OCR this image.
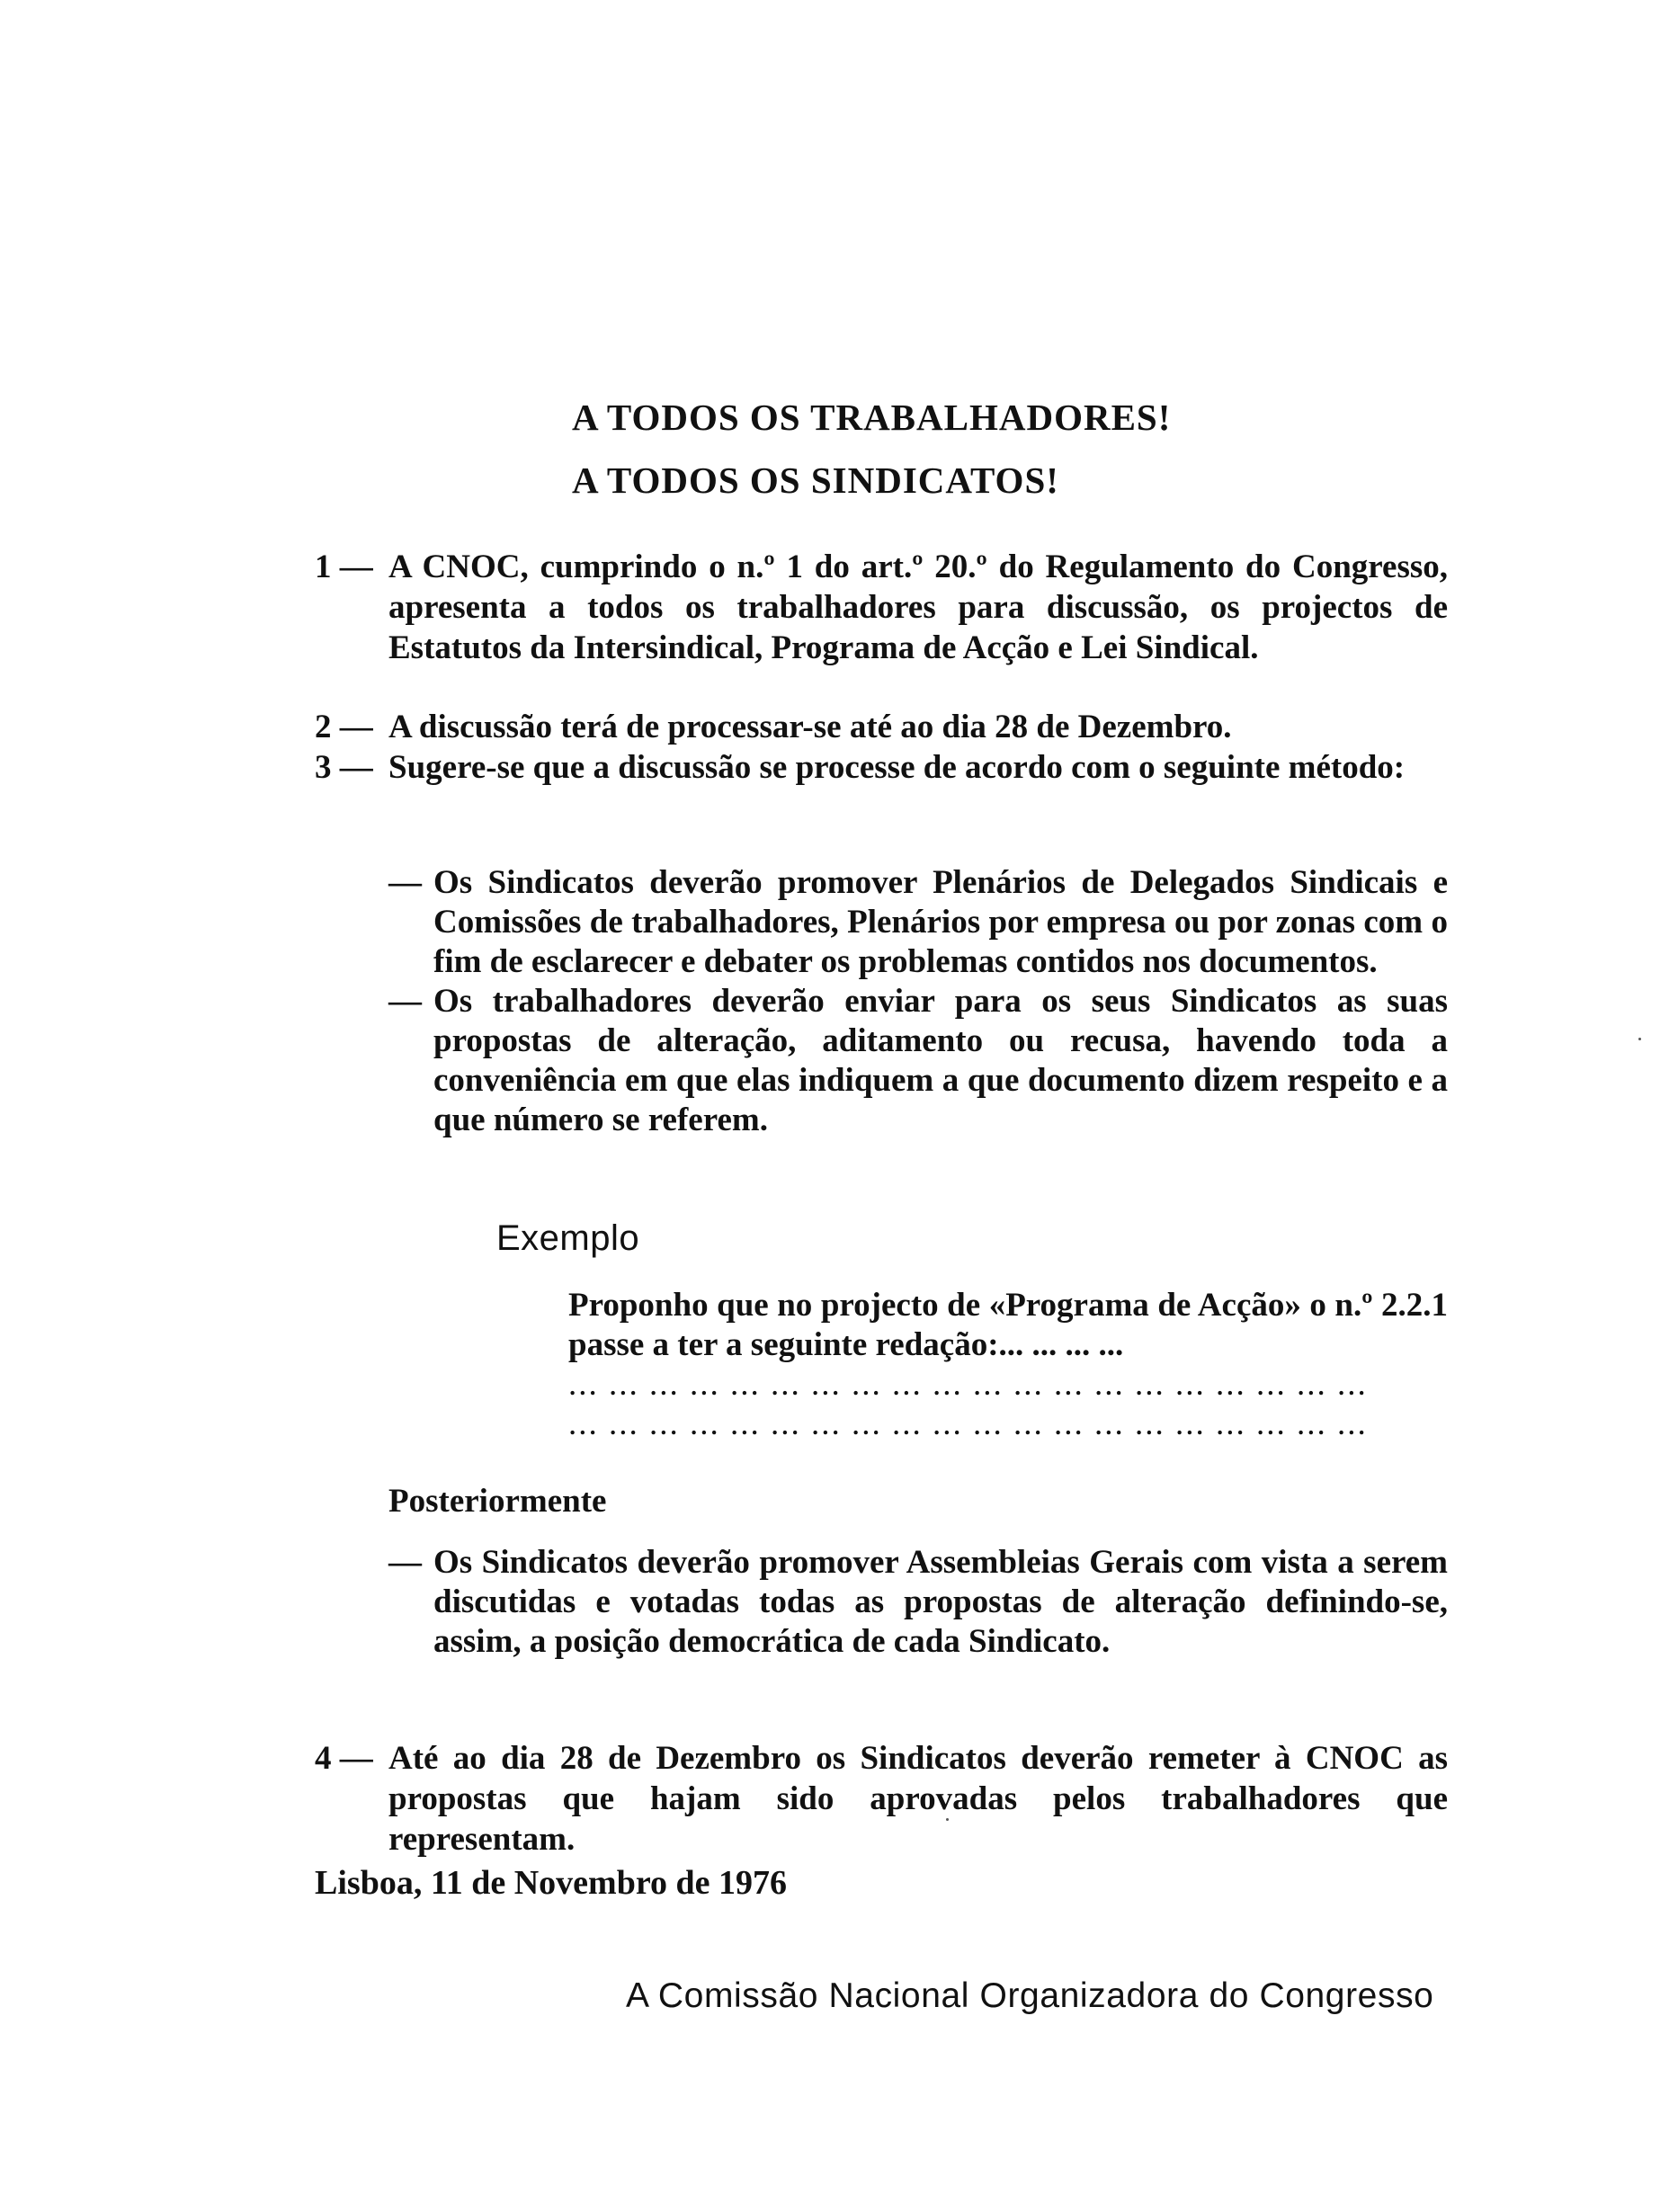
A TODOS OS TRABALHADORES!
A TODOS OS SINDICATOS!
1 — A CNOC, cumprindo o n.º 1 do art.º 20.º do Regulamento do Congresso, apresenta a todos os trabalhadores para discussão, os projectos de Estatutos da Intersindical, Programa de Acção e Lei Sindical.
2 — A discussão terá de processar-se até ao dia 28 de Dezembro.
3 — Sugere-se que a discussão se processe de acordo com o seguinte método:
— Os Sindicatos deverão promover Plenários de Delegados Sindicais e Comissões de trabalhadores, Plenários por empresa ou por zonas com o fim de esclarecer e debater os problemas contidos nos documentos.
— Os trabalhadores deverão enviar para os seus Sindicatos as suas propostas de alteração, aditamento ou recusa, havendo toda a conveniência em que elas indiquem a que documento dizem respeito e a que número se referem.
Exemplo
Proponho que no projecto de «Programa de Acção» o n.º 2.2.1 passe a ter a seguinte redação:... ... ... ...
... ... ... ... ... ... ... ... ... ... ... ... ... ... ... ... ... ... ... ...
... ... ... ... ... ... ... ... ... ... ... ... ... ... ... ... ... ... ... ...
Posteriormente
— Os Sindicatos deverão promover Assembleias Gerais com vista a serem discutidas e votadas todas as propostas de alteração definindo-se, assim, a posição democrática de cada Sindicato.
4 — Até ao dia 28 de Dezembro os Sindicatos deverão remeter à CNOC as propostas que hajam sido aprovadas pelos trabalhadores que representam.
Lisboa, 11 de Novembro de 1976
A Comissão Nacional Organizadora do Congresso
